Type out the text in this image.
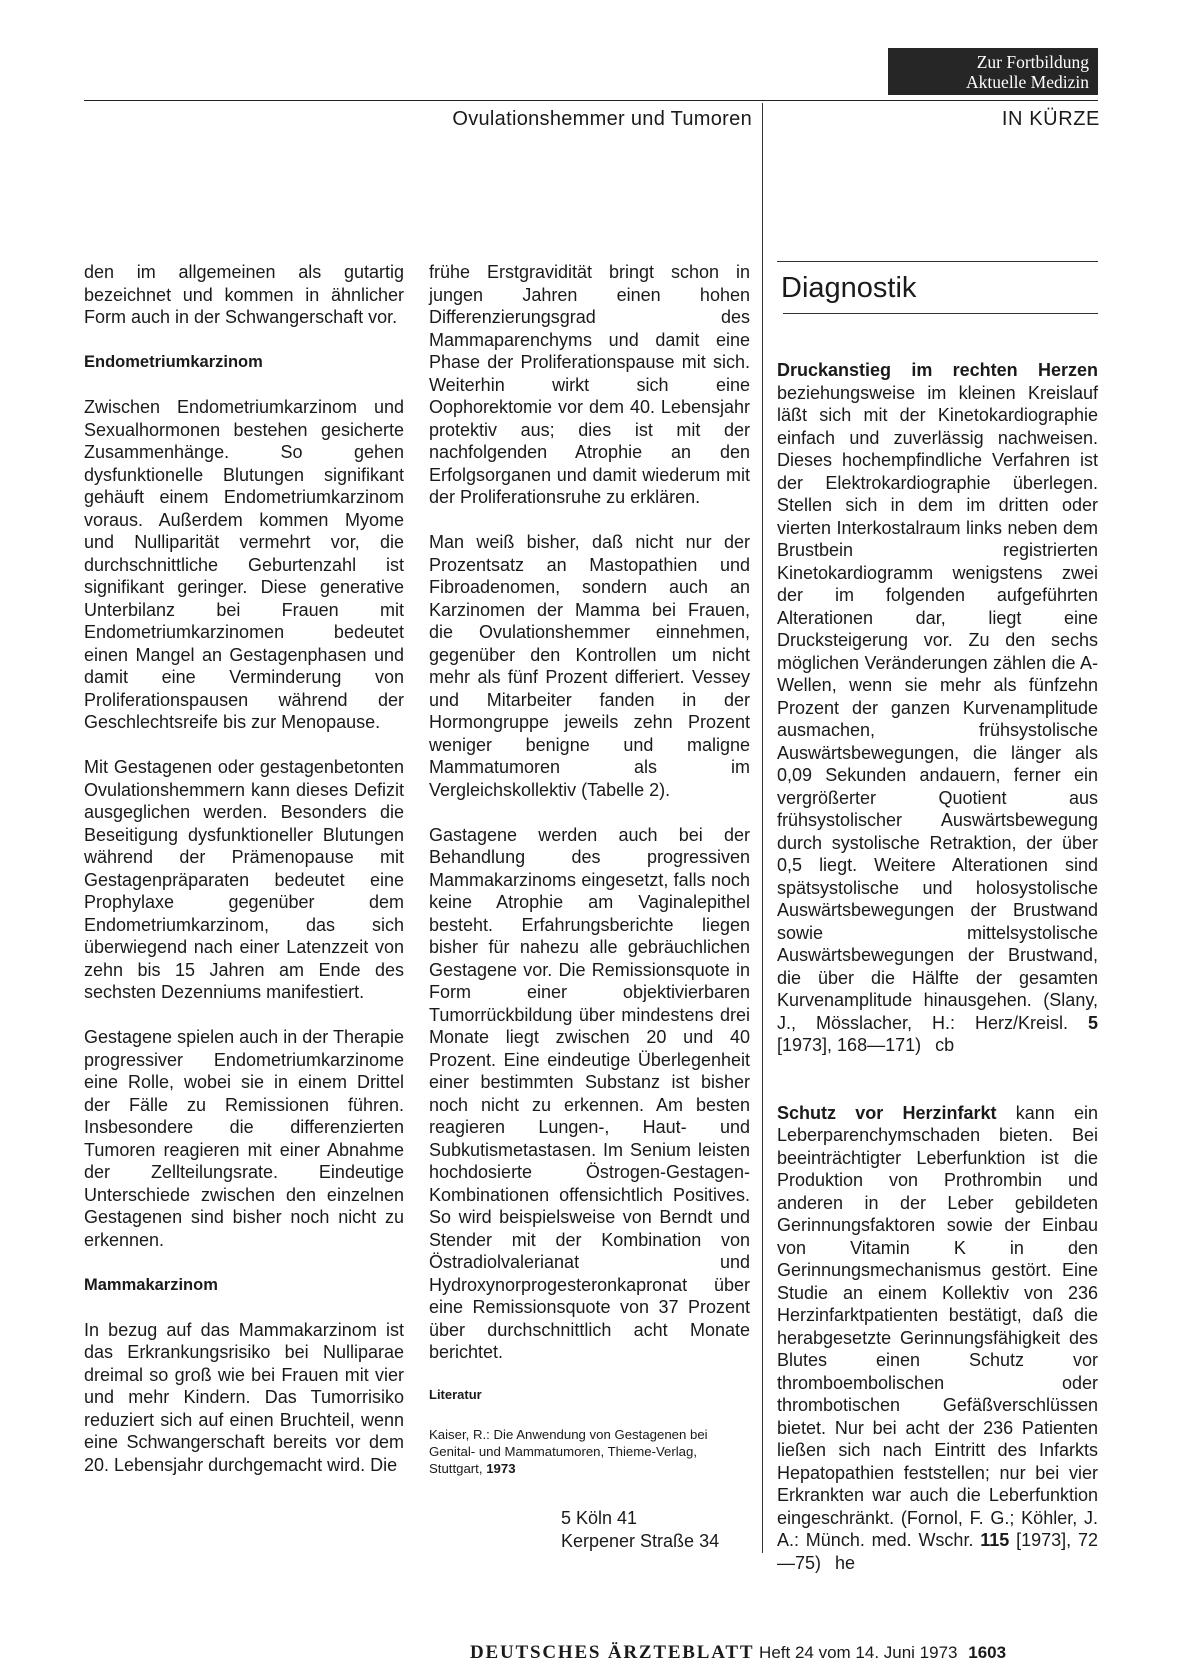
Zur Fortbildung
Aktuelle Medizin
Ovulationshemmer und Tumoren	IN KÜRZE

den im allgemeinen als gutartig bezeichnet und kommen in ähnlicher Form auch in der Schwangerschaft vor.

Endometriumkarzinom

Zwischen Endometriumkarzinom und Sexualhormonen bestehen gesicherte Zusammenhänge. So gehen dysfunktionelle Blutungen signifikant gehäuft einem Endometriumkarzinom voraus. Außerdem kommen Myome und Nulliparität vermehrt vor, die durchschnittliche Geburtenzahl ist signifikant geringer. Diese generative Unterbilanz bei Frauen mit Endometriumkarzinomen bedeutet einen Mangel an Gestagenphasen und damit eine Verminderung von Proliferationspausen während der Geschlechtsreife bis zur Menopause.

Mit Gestagenen oder gestagenbetonten Ovulationshemmern kann dieses Defizit ausgeglichen werden. Besonders die Beseitigung dysfunktioneller Blutungen während der Prämenopause mit Gestagenpräparaten bedeutet eine Prophylaxe gegenüber dem Endometriumkarzinom, das sich überwiegend nach einer Latenzzeit von zehn bis 15 Jahren am Ende des sechsten Dezenniums manifestiert.

Gestagene spielen auch in der Therapie progressiver Endometriumkarzinome eine Rolle, wobei sie in einem Drittel der Fälle zu Remissionen führen. Insbesondere die differenzierten Tumoren reagieren mit einer Abnahme der Zellteilungsrate. Eindeutige Unterschiede zwischen den einzelnen Gestagenen sind bisher noch nicht zu erkennen.

Mammakarzinom

In bezug auf das Mammakarzinom ist das Erkrankungsrisiko bei Nulliparae dreimal so groß wie bei Frauen mit vier und mehr Kindern. Das Tumorrisiko reduziert sich auf einen Bruchteil, wenn eine Schwangerschaft bereits vor dem 20. Lebensjahr durchgemacht wird. Die

frühe Erstgravidität bringt schon in jungen Jahren einen hohen Differenzierungsgrad des Mammaparenchyms und damit eine Phase der Proliferationspause mit sich. Weiterhin wirkt sich eine Oophorektomie vor dem 40. Lebensjahr protektiv aus; dies ist mit der nachfolgenden Atrophie an den Erfolgsorganen und damit wiederum mit der Proliferationsruhe zu erklären.

Man weiß bisher, daß nicht nur der Prozentsatz an Mastopathien und Fibroadenomen, sondern auch an Karzinomen der Mamma bei Frauen, die Ovulationshemmer einnehmen, gegenüber den Kontrollen um nicht mehr als fünf Prozent differiert. Vessey und Mitarbeiter fanden in der Hormongruppe jeweils zehn Prozent weniger benigne und maligne Mammatumoren als im Vergleichskollektiv (Tabelle 2).

Gastagene werden auch bei der Behandlung des progressiven Mammakarzinoms eingesetzt, falls noch keine Atrophie am Vaginalepithel besteht. Erfahrungsberichte liegen bisher für nahezu alle gebräuchlichen Gestagene vor. Die Remissionsquote in Form einer objektivierbaren Tumorrückbildung über mindestens drei Monate liegt zwischen 20 und 40 Prozent. Eine eindeutige Überlegenheit einer bestimmten Substanz ist bisher noch nicht zu erkennen. Am besten reagieren Lungen-, Haut- und Subkutismetastasen. Im Senium leisten hochdosierte Östrogen-Gestagen-Kombinationen offensichtlich Positives. So wird beispielsweise von Berndt und Stender mit der Kombination von Östradiolvalerianat und Hydroxynorprogesteronkapronat über eine Remissionsquote von 37 Prozent über durchschnittlich acht Monate berichtet.

Literatur

Kaiser, R.: Die Anwendung von Gestagenen bei Genital- und Mammatumoren, Thieme-Verlag, Stuttgart, 1973

5 Köln 41
Kerpener Straße 34
Diagnostik

Druckanstieg im rechten Herzen beziehungsweise im kleinen Kreislauf läßt sich mit der Kinetokardiographie einfach und zuverlässig nachweisen. Dieses hochempfindliche Verfahren ist der Elektrokardiographie überlegen. Stellen sich in dem im dritten oder vierten Interkostalraum links neben dem Brustbein registrierten Kinetokardiogramm wenigstens zwei der im folgenden aufgeführten Alterationen dar, liegt eine Drucksteigerung vor. Zu den sechs möglichen Veränderungen zählen die A-Wellen, wenn sie mehr als fünfzehn Prozent der ganzen Kurvenamplitude ausmachen, frühsystolische Auswärtsbewegungen, die länger als 0,09 Sekunden andauern, ferner ein vergrößerter Quotient aus frühsystolischer Auswärtsbewegung durch systolische Retraktion, der über 0,5 liegt. Weitere Alterationen sind spätsystolische und holosystolische Auswärtsbewegungen der Brustwand sowie mittelsystolische Auswärtsbewegungen der Brustwand, die über die Hälfte der gesamten Kurvenamplitude hinausgehen. (Slany, J., Mösslacher, H.: Herz/Kreisl. 5 [1973], 168—171) cb

Schutz vor Herzinfarkt kann ein Leberparenchymschaden bieten. Bei beeinträchtigter Leberfunktion ist die Produktion von Prothrombin und anderen in der Leber gebildeten Gerinnungsfaktoren sowie der Einbau von Vitamin K in den Gerinnungsmechanismus gestört. Eine Studie an einem Kollektiv von 236 Herzinfarktpatienten bestätigt, daß die herabgesetzte Gerinnungsfähigkeit des Blutes einen Schutz vor thromboembolischen oder thrombotischen Gefäßverschlüssen bietet. Nur bei acht der 236 Patienten ließen sich nach Eintritt des Infarkts Hepatopathien feststellen; nur bei vier Erkrankten war auch die Leberfunktion eingeschränkt. (Fornol, F. G.; Köhler, J. A.: Münch. med. Wschr. 115 [1973], 72—75) he

DEUTSCHES ÄRZTEBLATT Heft 24 vom 14. Juni 1973 1603
